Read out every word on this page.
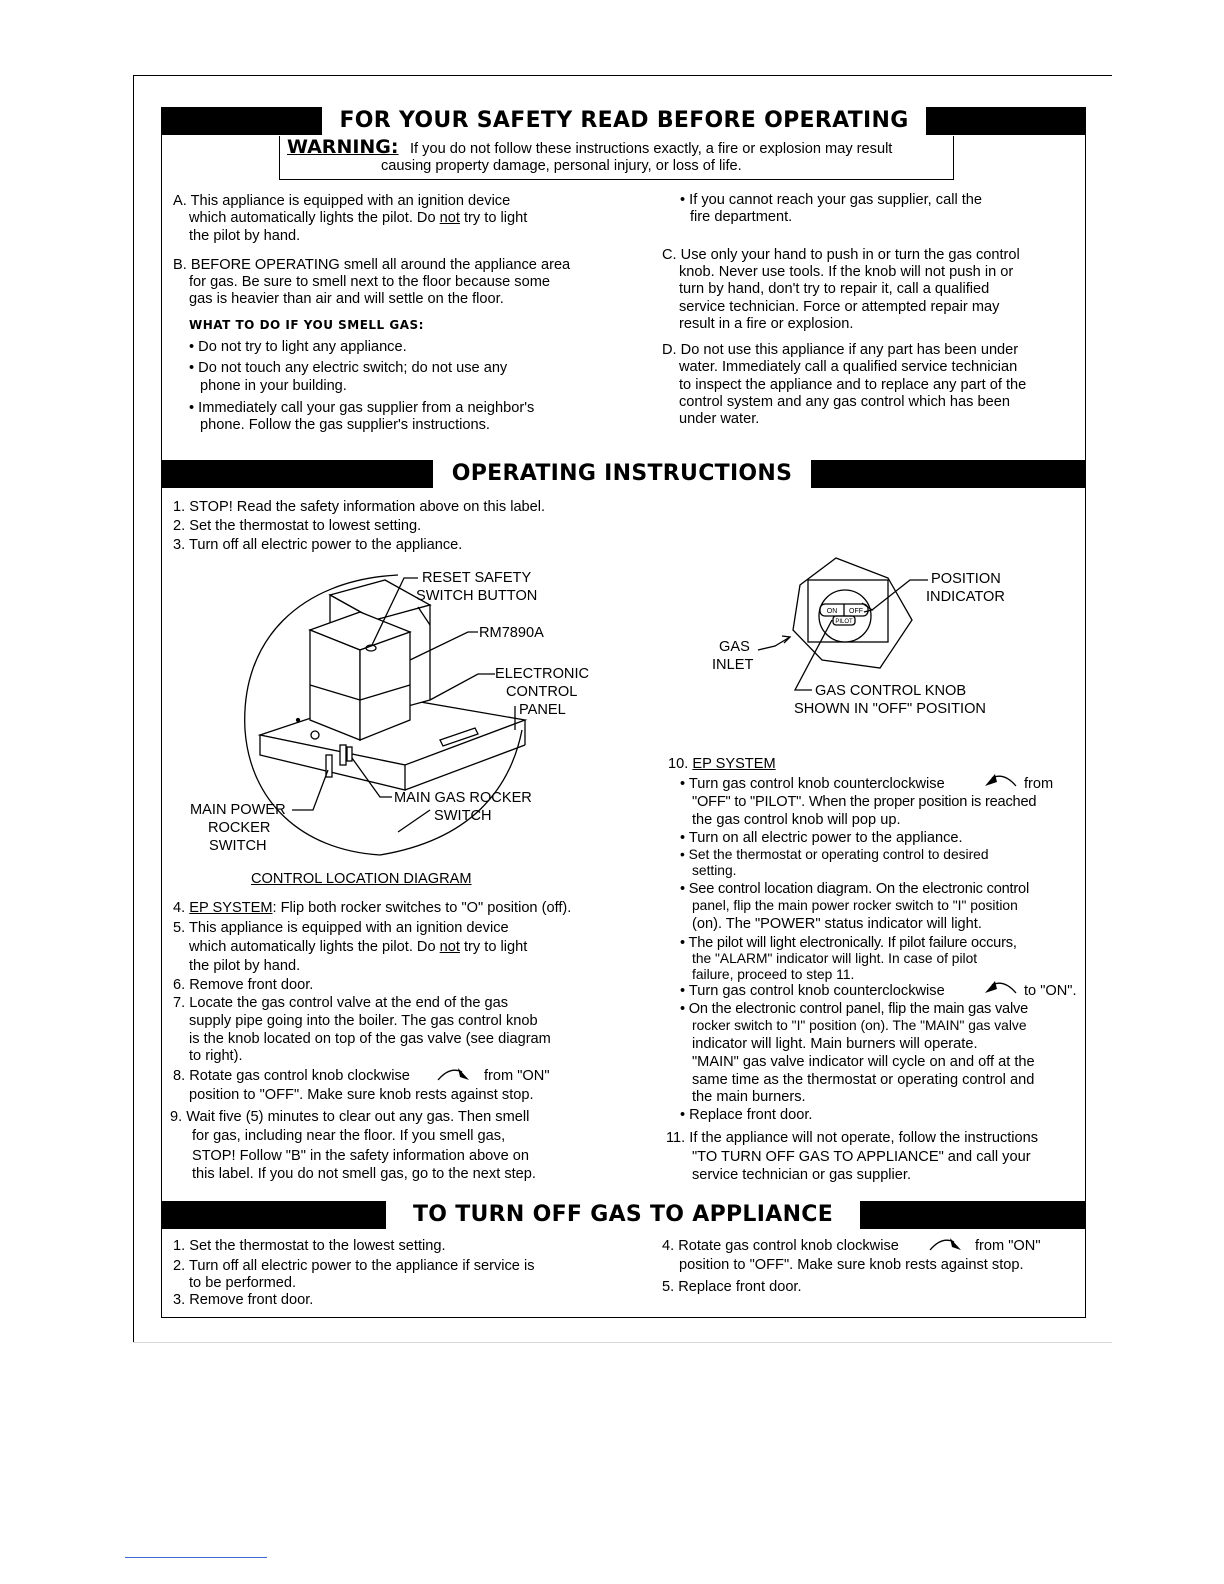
FOR YOUR SAFETY READ BEFORE OPERATING
WARNING: If you do not follow these instructions exactly, a fire or explosion may result
causing property damage, personal injury, or loss of life.
A. This appliance is equipped with an ignition device
which automatically lights the pilot. Do not try to light
the pilot by hand.
B. BEFORE OPERATING smell all around the appliance area
for gas. Be sure to smell next to the floor because some
gas is heavier than air and will settle on the floor.
WHAT TO DO IF YOU SMELL GAS:
• Do not try to light any appliance.
• Do not touch any electric switch; do not use any
phone in your building.
• Immediately call your gas supplier from a neighbor's
phone. Follow the gas supplier's instructions.
• If you cannot reach your gas supplier, call the
fire department.
C. Use only your hand to push in or turn the gas control
knob. Never use tools. If the knob will not push in or
turn by hand, don't try to repair it, call a qualified
service technician. Force or attempted repair may
result in a fire or explosion.
D. Do not use this appliance if any part has been under
water. Immediately call a qualified service technician
to inspect the appliance and to replace any part of the
control system and any gas control which has been
under water.
OPERATING INSTRUCTIONS
1. STOP! Read the safety information above on this label.
2. Set the thermostat to lowest setting.
3. Turn off all electric power to the appliance.
RESET SAFETY
SWITCH BUTTON
RM7890A
ELECTRONIC
CONTROL
PANEL
MAIN POWER
ROCKER
SWITCH
MAIN GAS ROCKER
SWITCH
CONTROL LOCATION DIAGRAM
ON OFF
PILOT
POSITION
INDICATOR
GAS
INLET
GAS CONTROL KNOB
SHOWN IN "OFF" POSITION
4. EP SYSTEM: Flip both rocker switches to "O" position (off).
5. This appliance is equipped with an ignition device
which automatically lights the pilot. Do not try to light
the pilot by hand.
6. Remove front door.
7. Locate the gas control valve at the end of the gas
supply pipe going into the boiler. The gas control knob
is the knob located on top of the gas valve (see diagram
to right).
8. Rotate gas control knob clockwise	from "ON"
position to "OFF". Make sure knob rests against stop.
9. Wait five (5) minutes to clear out any gas. Then smell
for gas, including near the floor. If you smell gas,
STOP! Follow "B" in the safety information above on
this label. If you do not smell gas, go to the next step.
10. EP SYSTEM
• Turn gas control knob counterclockwise	from
"OFF" to "PILOT". When the proper position is reached
the gas control knob will pop up.
• Turn on all electric power to the appliance.
• Set the thermostat or operating control to desired
setting.
• See control location diagram. On the electronic control
panel, flip the main power rocker switch to "I" position
(on). The "POWER" status indicator will light.
• The pilot will light electronically. If pilot failure occurs,
the "ALARM" indicator will light. In case of pilot
failure, proceed to step 11.
• Turn gas control knob counterclockwise	to "ON".
• On the electronic control panel, flip the main gas valve
rocker switch to "I" position (on). The "MAIN" gas valve
indicator will light. Main burners will operate.
"MAIN" gas valve indicator will cycle on and off at the
same time as the thermostat or operating control and
the main burners.
• Replace front door.
11. If the appliance will not operate, follow the instructions
"TO TURN OFF GAS TO APPLIANCE" and call your
service technician or gas supplier.
TO TURN OFF GAS TO APPLIANCE
1. Set the thermostat to the lowest setting.
2. Turn off all electric power to the appliance if service is
to be performed.
3. Remove front door.
4. Rotate gas control knob clockwise	from "ON"
position to "OFF". Make sure knob rests against stop.
5. Replace front door.
